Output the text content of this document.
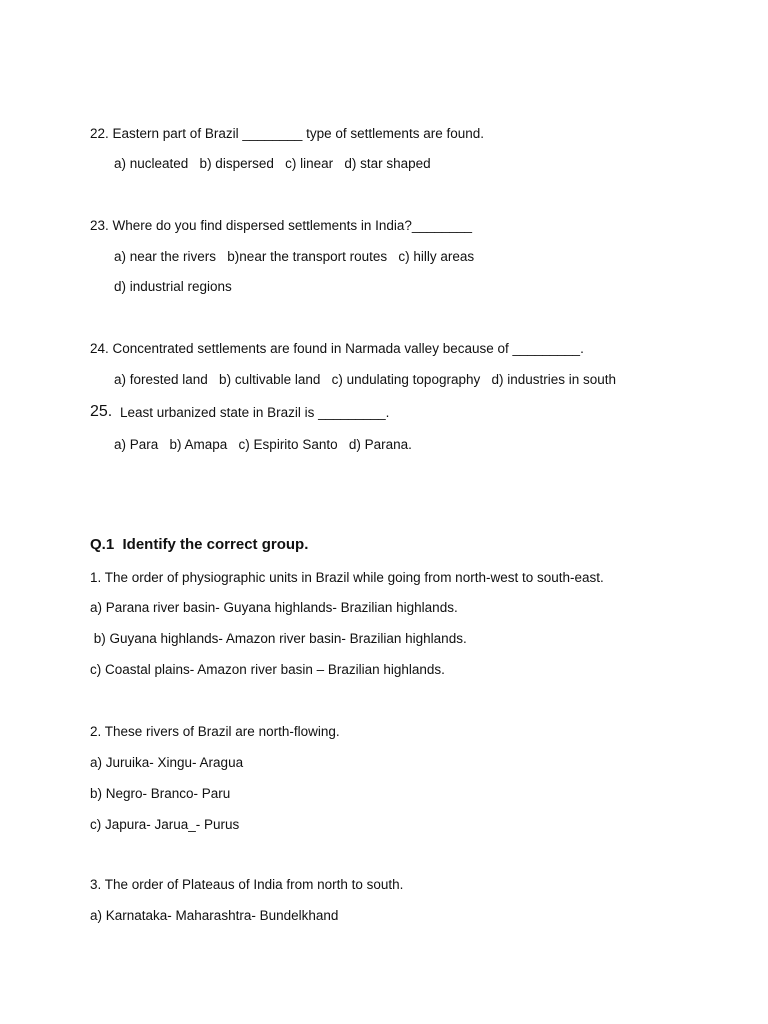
22. Eastern part of Brazil ________ type of settlements are found.
a) nucleated   b) dispersed   c) linear   d) star shaped
23. Where do you find dispersed settlements in India?________
a) near the rivers   b)near the transport routes   c) hilly areas
d) industrial regions
24. Concentrated settlements are found in Narmada valley because of _________.
a) forested land   b) cultivable land   c) undulating topography   d) industries in south
25. Least urbanized state in Brazil is _________.
a) Para   b) Amapa   c) Espirito Santo   d) Parana.
Q.1  Identify the correct group.
1. The order of physiographic units in Brazil while going from north-west to south-east.
a) Parana river basin- Guyana highlands- Brazilian highlands.
b) Guyana highlands- Amazon river basin- Brazilian highlands.
c) Coastal plains- Amazon river basin – Brazilian highlands.
2. These rivers of Brazil are north-flowing.
a) Juruika- Xingu- Aragua
b) Negro- Branco- Paru
c) Japura- Jarua_- Purus
3. The order of Plateaus of India from north to south.
a) Karnataka- Maharashtra- Bundelkhand
